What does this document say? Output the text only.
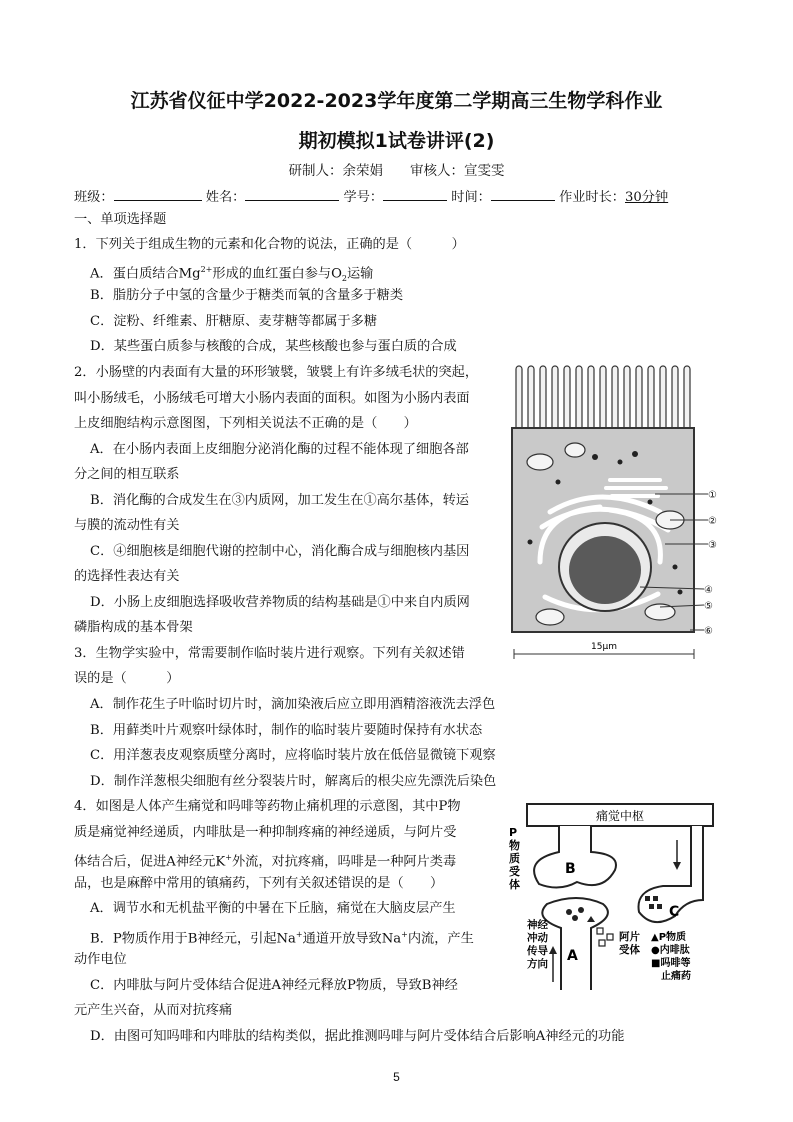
江苏省仪征中学2022-2023学年度第二学期高三生物学科作业
期初模拟1试卷讲评(2)
研制人：余荣娟　　审核人：宣雯雯
班级：	姓名：	学号：	时间：	作业时长：30分钟
一、单项选择题
1．下列关于组成生物的元素和化合物的说法，正确的是（　　　）
A．蛋白质结合$Mg^{2+}$形成的血红蛋白参与$O_2$运输
B．脂肪分子中氢的含量少于糖类而氧的含量多于糖类
C．淀粉、纤维素、肝糖原、麦芽糖等都属于多糖
D．某些蛋白质参与核酸的合成，某些核酸也参与蛋白质的合成
2．小肠壁的内表面有大量的环形皱襞，皱襞上有许多绒毛状的突起，
叫小肠绒毛，小肠绒毛可增大小肠内表面的面积。如图为小肠内表面
上皮细胞结构示意图图，下列相关说法不正确的是（　　）
A．在小肠内表面上皮细胞分泌消化酶的过程不能体现了细胞各部
分之间的相互联系
B．消化酶的合成发生在③内质网，加工发生在①高尔基体，转运
与膜的流动性有关
C．④细胞核是细胞代谢的控制中心，消化酶合成与细胞核内基因
的选择性表达有关
D．小肠上皮细胞选择吸收营养物质的结构基础是①中来自内质网
磷脂构成的基本骨架
①
②
③
④
⑤
⑥
15μm
3．生物学实验中，常需要制作临时装片进行观察。下列有关叙述错
误的是（　　　）
A．制作花生子叶临时切片时，滴加染液后应立即用酒精溶液洗去浮色
B．用藓类叶片观察叶绿体时，制作的临时装片要随时保持有水状态
C．用洋葱表皮观察质壁分离时，应将临时装片放在低倍显微镜下观察
D．制作洋葱根尖细胞有丝分裂装片时，解离后的根尖应先漂洗后染色
4．如图是人体产生痛觉和吗啡等药物止痛机理的示意图，其中P物
质是痛觉神经递质，内啡肽是一种抑制疼痛的神经递质，与阿片受
体结合后，促进A神经元K+外流，对抗疼痛，吗啡是一种阿片类毒
品，也是麻醉中常用的镇痛药，下列有关叙述错误的是（　　）
A．调节水和无机盐平衡的中暑在下丘脑，痛觉在大脑皮层产生
B．P物质作用于B神经元，引起Na+通道开放导致Na+内流，产生
动作电位
C．内啡肽与阿片受体结合促进A神经元释放P物质，导致B神经
元产生兴奋，从而对抗疼痛
D．由图可知吗啡和内啡肽的结构类似，据此推测吗啡与阿片受体结合后影响A神经元的功能
痛觉中枢
B
P 物质受体
A
C
神经冲动传导方向
阿片受体
▲P物质 ●内啡肽 ■吗啡等 止痛药
5
